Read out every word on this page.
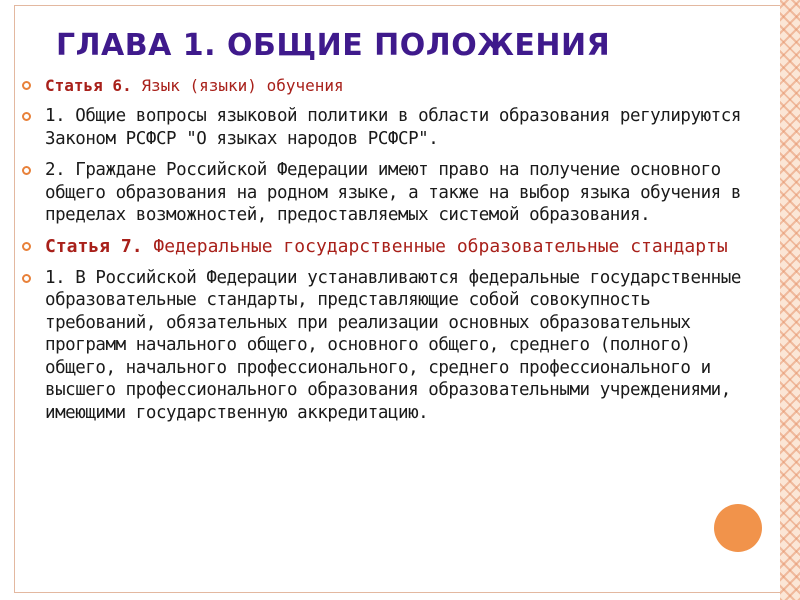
ГЛАВА 1. ОБЩИЕ ПОЛОЖЕНИЯ
Статья 6. Язык (языки) обучения
1. Общие вопросы языковой политики в области образования регулируются Законом РСФСР "О языках народов РСФСР".
2. Граждане Российской Федерации имеют право на получение основного общего образования на родном языке, а также на выбор языка обучения в пределах возможностей, предоставляемых системой образования.
Статья 7. Федеральные государственные образовательные стандарты
1. В Российской Федерации устанавливаются федеральные государственные образовательные стандарты, представляющие собой совокупность требований, обязательных при реализации основных образовательных программ начального общего, основного общего, среднего (полного) общего, начального профессионального, среднего профессионального и высшего профессионального образования образовательными учреждениями, имеющими государственную аккредитацию.
